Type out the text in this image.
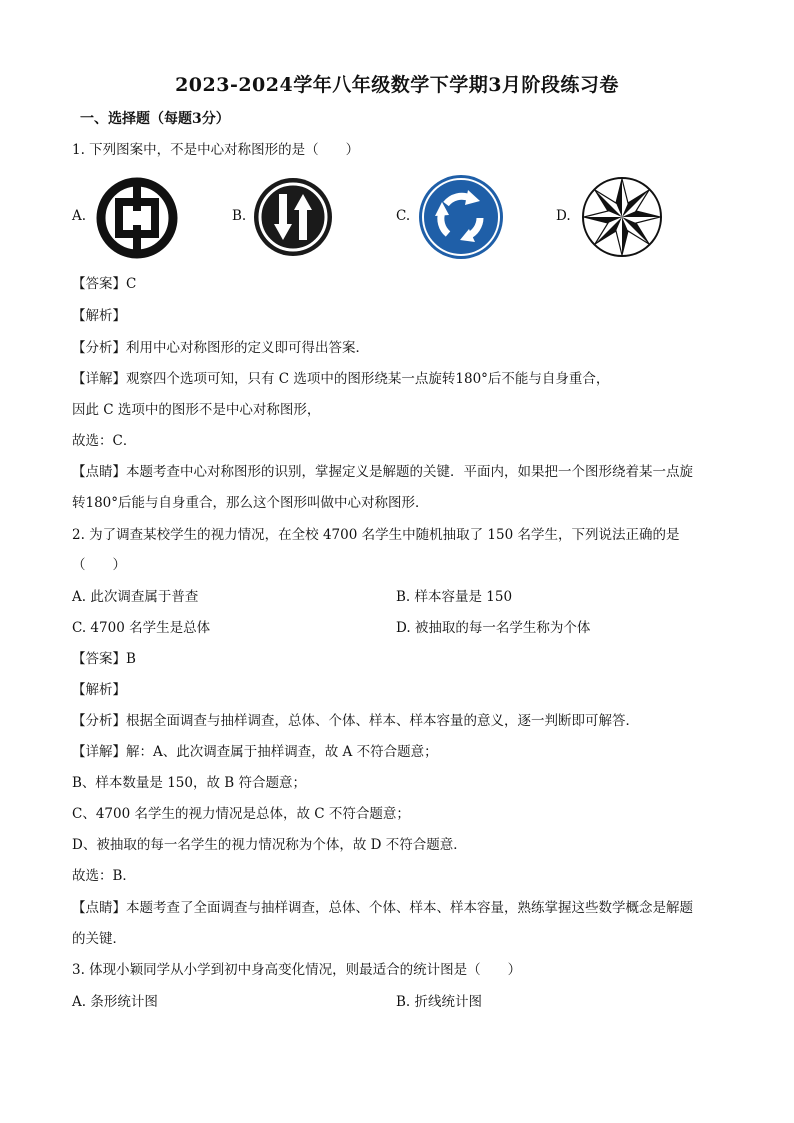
2023-2024学年八年级数学下学期3月阶段练习卷
一、选择题（每题3分）
1. 下列图案中，不是中心对称图形的是（　　）
A.	B.	C.	D.
【答案】C
【解析】
【分析】利用中心对称图形的定义即可得出答案．
【详解】观察四个选项可知，只有 C 选项中的图形绕某一点旋转180°后不能与自身重合，
因此 C 选项中的图形不是中心对称图形，
故选：C．
【点睛】本题考查中心对称图形的识别，掌握定义是解题的关键．平面内，如果把一个图形绕着某一点旋
转180°后能与自身重合，那么这个图形叫做中心对称图形．
2. 为了调查某校学生的视力情况，在全校 4700 名学生中随机抽取了 150 名学生，下列说法正确的是
（　　）
A. 此次调查属于普查	B. 样本容量是 150
C. 4700 名学生是总体	D. 被抽取的每一名学生称为个体
【答案】B
【解析】
【分析】根据全面调查与抽样调查，总体、个体、样本、样本容量的意义，逐一判断即可解答．
【详解】解：A、此次调查属于抽样调查，故 A 不符合题意；
B、样本数量是 150，故 B 符合题意；
C、4700 名学生的视力情况是总体，故 C 不符合题意；
D、被抽取的每一名学生的视力情况称为个体，故 D 不符合题意．
故选：B．
【点睛】本题考查了全面调查与抽样调查，总体、个体、样本、样本容量，熟练掌握这些数学概念是解题
的关键．
3. 体现小颖同学从小学到初中身高变化情况，则最适合的统计图是（　　）
A. 条形统计图	B. 折线统计图
